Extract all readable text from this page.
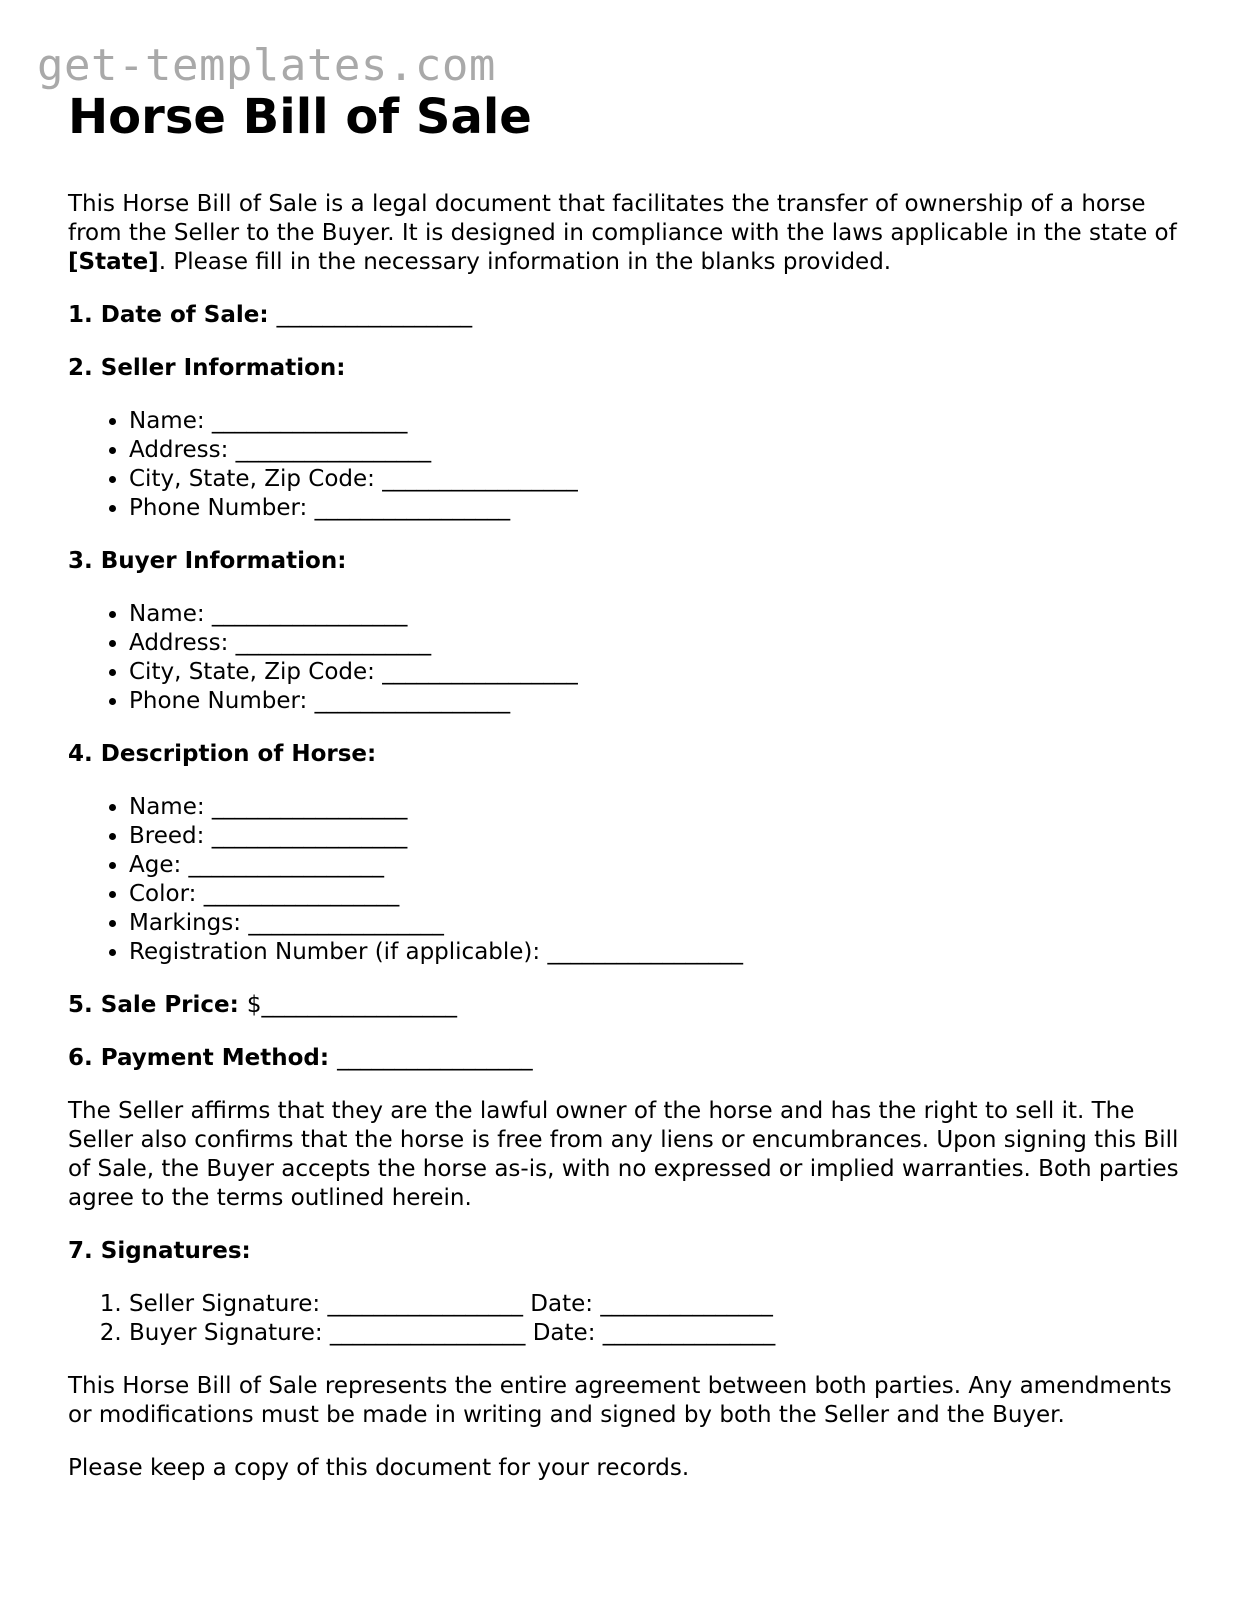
get-templates.com
Horse Bill of Sale

This Horse Bill of Sale is a legal document that facilitates the transfer of ownership of a horse from the Seller to the Buyer. It is designed in compliance with the laws applicable in the state of [State]. Please fill in the necessary information in the blanks provided.

1. Date of Sale: _________________
2. Seller Information:
• Name: _________________
• Address: _________________
• City, State, Zip Code: _________________
• Phone Number: _________________
3. Buyer Information:
• Name: _________________
• Address: _________________
• City, State, Zip Code: _________________
• Phone Number: _________________
4. Description of Horse:
• Name: _________________
• Breed: _________________
• Age: _________________
• Color: _________________
• Markings: _________________
• Registration Number (if applicable): _________________
5. Sale Price: $_________________
6. Payment Method: _________________

The Seller affirms that they are the lawful owner of the horse and has the right to sell it. The Seller also confirms that the horse is free from any liens or encumbrances. Upon signing this Bill of Sale, the Buyer accepts the horse as-is, with no expressed or implied warranties. Both parties agree to the terms outlined herein.

7. Signatures:
1. Seller Signature: _________________ Date: _______________
2. Buyer Signature: _________________ Date: _______________

This Horse Bill of Sale represents the entire agreement between both parties. Any amendments or modifications must be made in writing and signed by both the Seller and the Buyer.

Please keep a copy of this document for your records.
